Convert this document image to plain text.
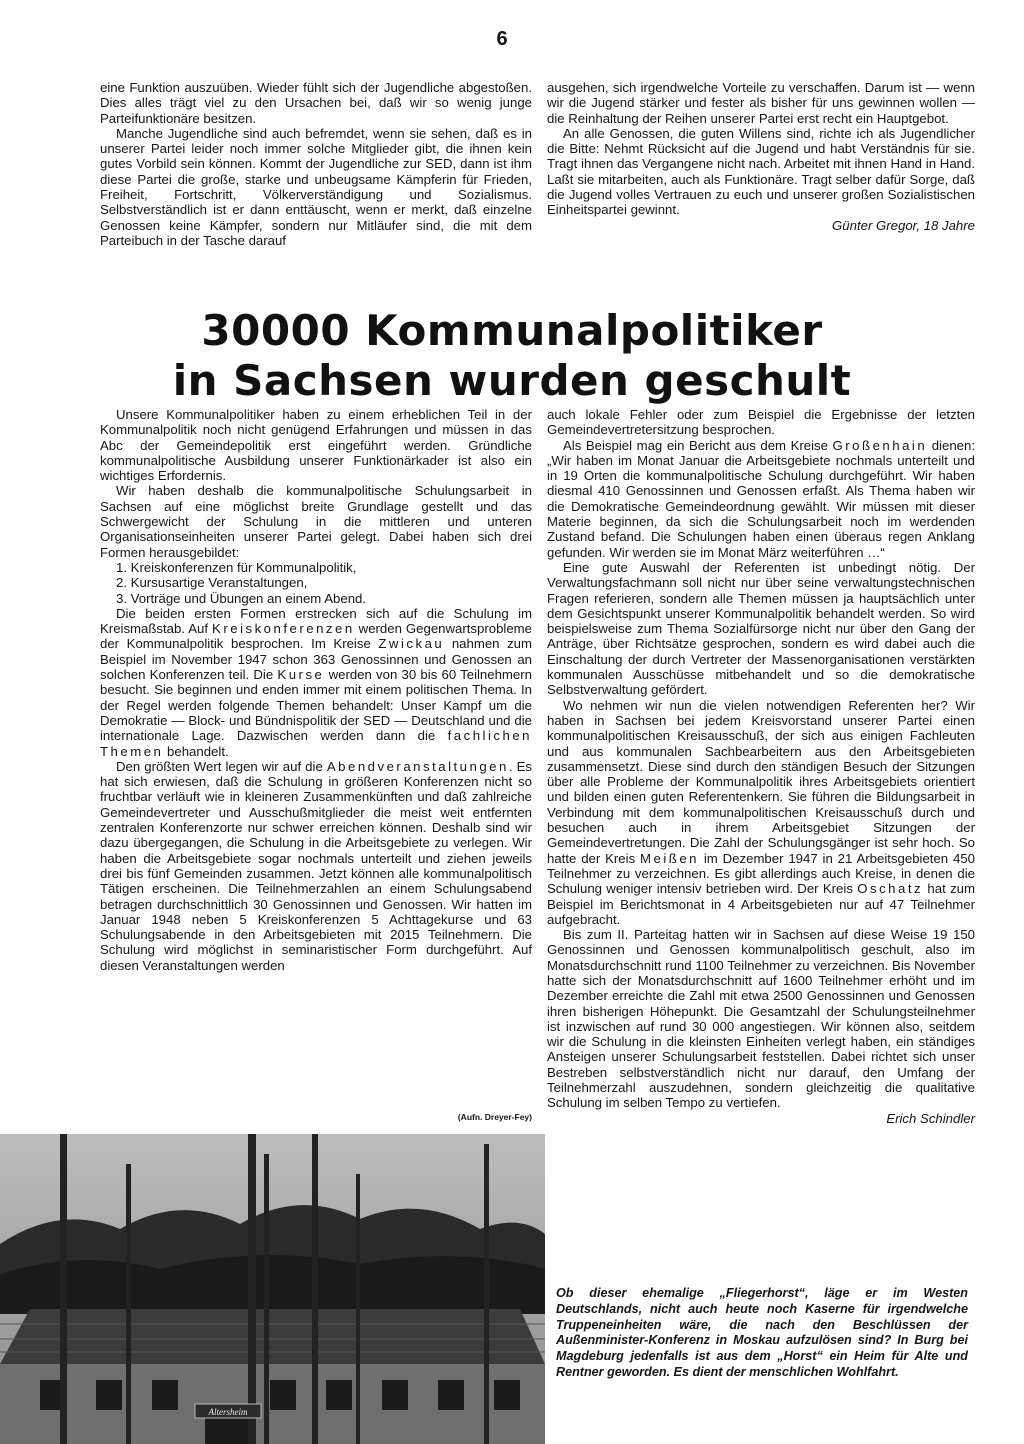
6

eine Funktion auszuüben. Wieder fühlt sich der Jugendliche abgestoßen. Dies alles trägt viel zu den Ursachen bei, daß wir so wenig junge Parteifunktionäre besitzen.

Manche Jugendliche sind auch befremdet, wenn sie sehen, daß es in unserer Partei leider noch immer solche Mitglieder gibt, die ihnen kein gutes Vorbild sein können. Kommt der Jugendliche zur SED, dann ist ihm diese Partei die große, starke und unbeugsame Kämpferin für Frieden, Freiheit, Fortschritt, Völkerverständigung und Sozialismus. Selbstverständlich ist er dann enttäuscht, wenn er merkt, daß einzelne Genossen keine Kämpfer, sondern nur Mitläufer sind, die mit dem Parteibuch in der Tasche darauf

ausgehen, sich irgendwelche Vorteile zu verschaffen. Darum ist — wenn wir die Jugend stärker und fester als bisher für uns gewinnen wollen — die Reinhaltung der Reihen unserer Partei erst recht ein Hauptgebot.

An alle Genossen, die guten Willens sind, richte ich als Jugendlicher die Bitte: Nehmt Rücksicht auf die Jugend und habt Verständnis für sie. Tragt ihnen das Vergangene nicht nach. Arbeitet mit ihnen Hand in Hand. Laßt sie mitarbeiten, auch als Funktionäre. Tragt selber dafür Sorge, daß die Jugend volles Vertrauen zu euch und unserer großen Sozialistischen Einheitspartei gewinnt.

Günter Gregor, 18 Jahre

30000 Kommunalpolitiker
in Sachsen wurden geschult

Unsere Kommunalpolitiker haben zu einem erheblichen Teil in der Kommunalpolitik noch nicht genügend Erfahrungen und müssen in das Abc der Gemeindepolitik erst eingeführt werden. Gründliche kommunalpolitische Ausbildung unserer Funktionärkader ist also ein wichtiges Erfordernis.

Wir haben deshalb die kommunalpolitische Schulungsarbeit in Sachsen auf eine möglichst breite Grundlage gestellt und das Schwergewicht der Schulung in die mittleren und unteren Organisationseinheiten unserer Partei gelegt. Dabei haben sich drei Formen herausgebildet:

1. Kreiskonferenzen für Kommunalpolitik,

2. Kursusartige Veranstaltungen,

3. Vorträge und Übungen an einem Abend.

Die beiden ersten Formen erstrecken sich auf die Schulung im Kreismaßstab. Auf Kreiskonferenzen werden Gegenwartsprobleme der Kommunalpolitik besprochen. Im Kreise Zwickau nahmen zum Beispiel im November 1947 schon 363 Genossinnen und Genossen an solchen Konferenzen teil. Die Kurse werden von 30 bis 60 Teilnehmern besucht. Sie beginnen und enden immer mit einem politischen Thema. In der Regel werden folgende Themen behandelt: Unser Kampf um die Demokratie — Block- und Bündnispolitik der SED — Deutschland und die internationale Lage. Dazwischen werden dann die fachlichen Themen behandelt.

Den größten Wert legen wir auf die Abendveranstaltungen. Es hat sich erwiesen, daß die Schulung in größeren Konferenzen nicht so fruchtbar verläuft wie in kleineren Zusammenkünften und daß zahlreiche Gemeindevertreter und Ausschußmitglieder die meist weit entfernten zentralen Konferenzorte nur schwer erreichen können. Deshalb sind wir dazu übergegangen, die Schulung in die Arbeitsgebiete zu verlegen. Wir haben die Arbeitsgebiete sogar nochmals unterteilt und ziehen jeweils drei bis fünf Gemeinden zusammen. Jetzt können alle kommunalpolitisch Tätigen erscheinen. Die Teilnehmerzahlen an einem Schulungsabend betragen durchschnittlich 30 Genossinnen und Genossen. Wir hatten im Januar 1948 neben 5 Kreiskonferenzen 5 Achttagekurse und 63 Schulungsabende in den Arbeitsgebieten mit 2015 Teilnehmern. Die Schulung wird möglichst in seminaristischer Form durchgeführt. Auf diesen Veranstaltungen werden

auch lokale Fehler oder zum Beispiel die Ergebnisse der letzten Gemeindevertretersitzung besprochen.

Als Beispiel mag ein Bericht aus dem Kreise Großenhain dienen: „Wir haben im Monat Januar die Arbeitsgebiete nochmals unterteilt und in 19 Orten die kommunalpolitische Schulung durchgeführt. Wir haben diesmal 410 Genossinnen und Genossen erfaßt. Als Thema haben wir die Demokratische Gemeindeordnung gewählt. Wir müssen mit dieser Materie beginnen, da sich die Schulungsarbeit noch im werdenden Zustand befand. Die Schulungen haben einen überaus regen Anklang gefunden. Wir werden sie im Monat März weiterführen …“

Eine gute Auswahl der Referenten ist unbedingt nötig. Der Verwaltungsfachmann soll nicht nur über seine verwaltungstechnischen Fragen referieren, sondern alle Themen müssen ja hauptsächlich unter dem Gesichtspunkt unserer Kommunalpolitik behandelt werden. So wird beispielsweise zum Thema Sozialfürsorge nicht nur über den Gang der Anträge, über Richtsätze gesprochen, sondern es wird dabei auch die Einschaltung der durch Vertreter der Massenorganisationen verstärkten kommunalen Ausschüsse mitbehandelt und so die demokratische Selbstverwaltung gefördert.

Wo nehmen wir nun die vielen notwendigen Referenten her? Wir haben in Sachsen bei jedem Kreisvorstand unserer Partei einen kommunalpolitischen Kreisausschuß, der sich aus einigen Fachleuten und aus kommunalen Sachbearbeitern aus den Arbeitsgebieten zusammensetzt. Diese sind durch den ständigen Besuch der Sitzungen über alle Probleme der Kommunalpolitik ihres Arbeitsgebiets orientiert und bilden einen guten Referentenkern. Sie führen die Bildungsarbeit in Verbindung mit dem kommunalpolitischen Kreisausschuß durch und besuchen auch in ihrem Arbeitsgebiet Sitzungen der Gemeindevertretungen. Die Zahl der Schulungsgänger ist sehr hoch. So hatte der Kreis Meißen im Dezember 1947 in 21 Arbeitsgebieten 450 Teilnehmer zu verzeichnen. Es gibt allerdings auch Kreise, in denen die Schulung weniger intensiv betrieben wird. Der Kreis Oschatz hat zum Beispiel im Berichtsmonat in 4 Arbeitsgebieten nur auf 47 Teilnehmer aufgebracht.

Bis zum II. Parteitag hatten wir in Sachsen auf diese Weise 19 150 Genossinnen und Genossen kommunalpolitisch geschult, also im Monatsdurchschnitt rund 1100 Teilnehmer zu verzeichnen. Bis November hatte sich der Monatsdurchschnitt auf 1600 Teilnehmer erhöht und im Dezember erreichte die Zahl mit etwa 2500 Genossinnen und Genossen ihren bisherigen Höhepunkt. Die Gesamtzahl der Schulungsteilnehmer ist inzwischen auf rund 30 000 angestiegen. Wir können also, seitdem wir die Schulung in die kleinsten Einheiten verlegt haben, ein ständiges Ansteigen unserer Schulungsarbeit feststellen. Dabei richtet sich unser Bestreben selbstverständlich nicht nur darauf, den Umfang der Teilnehmerzahl auszudehnen, sondern gleichzeitig die qualitative Schulung im selben Tempo zu vertiefen.

Erich Schindler

(Aufn. Dreyer-Fey)
Altersheim
Ob dieser ehemalige „Fliegerhorst“, läge er im Westen Deutschlands, nicht auch heute noch Kaserne für irgendwelche Truppeneinheiten wäre, die nach den Beschlüssen der Außenminister-Konferenz in Moskau aufzulösen sind? In Burg bei Magdeburg jedenfalls ist aus dem „Horst“ ein Heim für Alte und Rentner geworden. Es dient der menschlichen Wohlfahrt.
